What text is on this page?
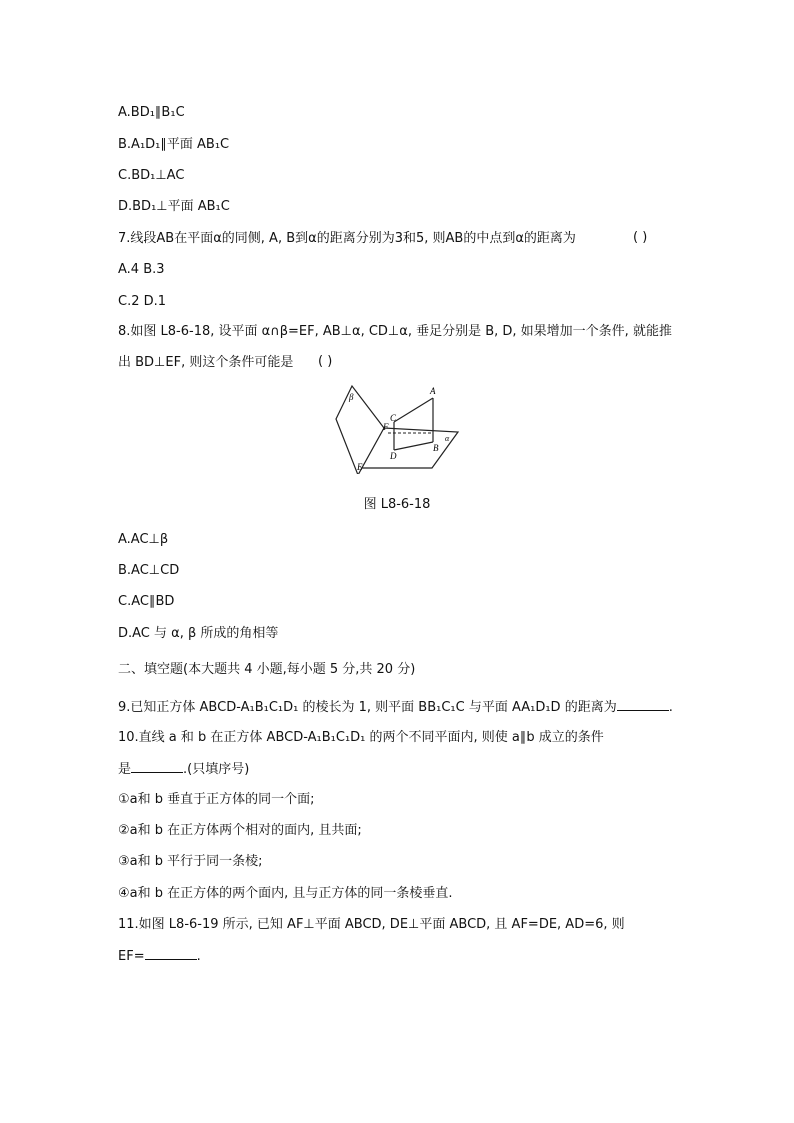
A.BD₁∥B₁C
B.A₁D₁∥平面 AB₁C
C.BD₁⊥AC
D.BD₁⊥平面 AB₁C
7.线段AB在平面α的同侧, A, B到α的距离分别为3和5, 则AB的中点到α的距离为	( )
A.4 B.3
C.2 D.1
8.如图 L8-6-18, 设平面 α∩β=EF, AB⊥α, CD⊥α, 垂足分别是 B, D, 如果增加一个条件, 就能推
出 BD⊥EF, 则这个条件可能是 ( )
A
B
C
D
E
F
α
β
图 L8-6-18
A.AC⊥β
B.AC⊥CD
C.AC∥BD
D.AC 与 α, β 所成的角相等
二、填空题(本大题共 4 小题,每小题 5 分,共 20 分)
9.已知正方体 ABCD-A₁B₁C₁D₁ 的棱长为 1, 则平面 BB₁C₁C 与平面 AA₁D₁D 的距离为	.
10.直线 a 和 b 在正方体 ABCD-A₁B₁C₁D₁ 的两个不同平面内, 则使 a∥b 成立的条件
是	.(只填序号)
①a和 b 垂直于正方体的同一个面;
②a和 b 在正方体两个相对的面内, 且共面;
③a和 b 平行于同一条棱;
④a和 b 在正方体的两个面内, 且与正方体的同一条棱垂直.
11.如图 L8-6-19 所示, 已知 AF⊥平面 ABCD, DE⊥平面 ABCD, 且 AF=DE, AD=6, 则
EF=	.
